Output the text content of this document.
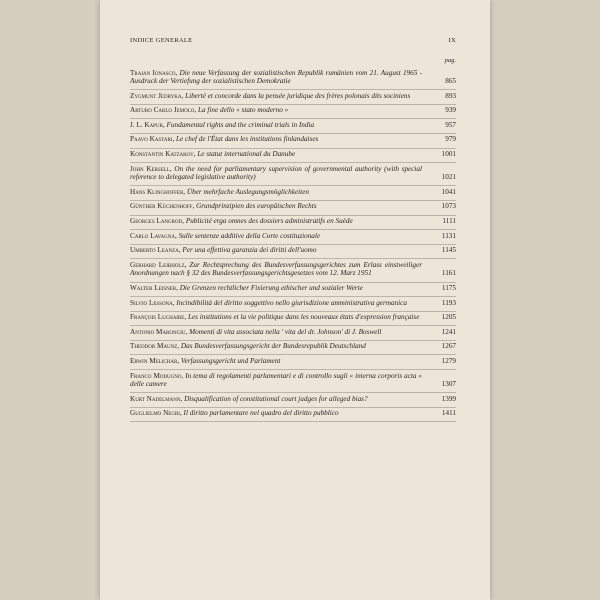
INDICE GENERALE	IX
pag.
Traian Ionasco, Die neue Verfassung der sozialistischen Republik rumänien vom 21. August 1965 - Ausdruck der Vertiefung der sozialistischen Demokratie	865
Zygmunt Jedryka, Liberté et concorde dans la pensée juridique des frères polonais dits sociniens	893
Arturo Carlo Jemolo, La fine dello « stato moderno »	939
J. L. Kapur, Fundamental rights and the criminal trials in India	957
Paavo Kastari, Le chef de l'État dans les institutions finlandaises	979
Konstantin Katzarov, Le statut international du Danube	1001
John Kersell, On the need for parliamentary supervision of governmental authority (with special reference to delegated legislative authority)	1021
Hans Klinghoffer, Über mehrfache Auslegungsmöglichkeiten	1041
Günther Küchenhoff, Grundprinzipien des europäischen Rechts	1073
Georges Langrod, Publicité erga omnes des dossiers administratifs en Suède	1111
Carlo Lavagna, Sulle sentenze additive della Corte costituzionale	1131
Umberto Leanza, Per una effettiva garanzia dei diritti dell'uomo	1145
Gerhard Leibholz, Zur Rechtsprechung des Bundesverfassungsgerichtes zum Erlass einstweiliger Anordnungen nach § 32 des Bundesverfassungsgerichtsgesetzes vom 12. Marz 1951	1161
Walter Leisner, Die Grenzen rechtlicher Fixierung ethischer und sozialer Werte	1175
Silvio Lessona, Incindibilità del diritto soggettivo nello giurisdizione amministrativa germanica	1193
François Luchaire, Les institutions et la vie politique dans les nouveaux états d'expression française	1205
Antonio Marongiu, Momenti di vita associata nella ' vita del dr. Johnson' di J. Boswell	1241
Theodor Maunz, Das Bundesverfassungsgericht der Bundesrepublik Deutschland	1267
Erwin Melichar, Verfassungsgericht und Parlament	1279
Franco Modugno, In tema di regolamenti parlamentari e di controllo sugli « interna corporis acta » delle camere	1307
Kurt Nadelmann, Disqualification of constitutional court judges for alleged bias?	1399
Guglielmo Negri, Il diritto parlamentare nel quadro del diritto pubblico	1411
